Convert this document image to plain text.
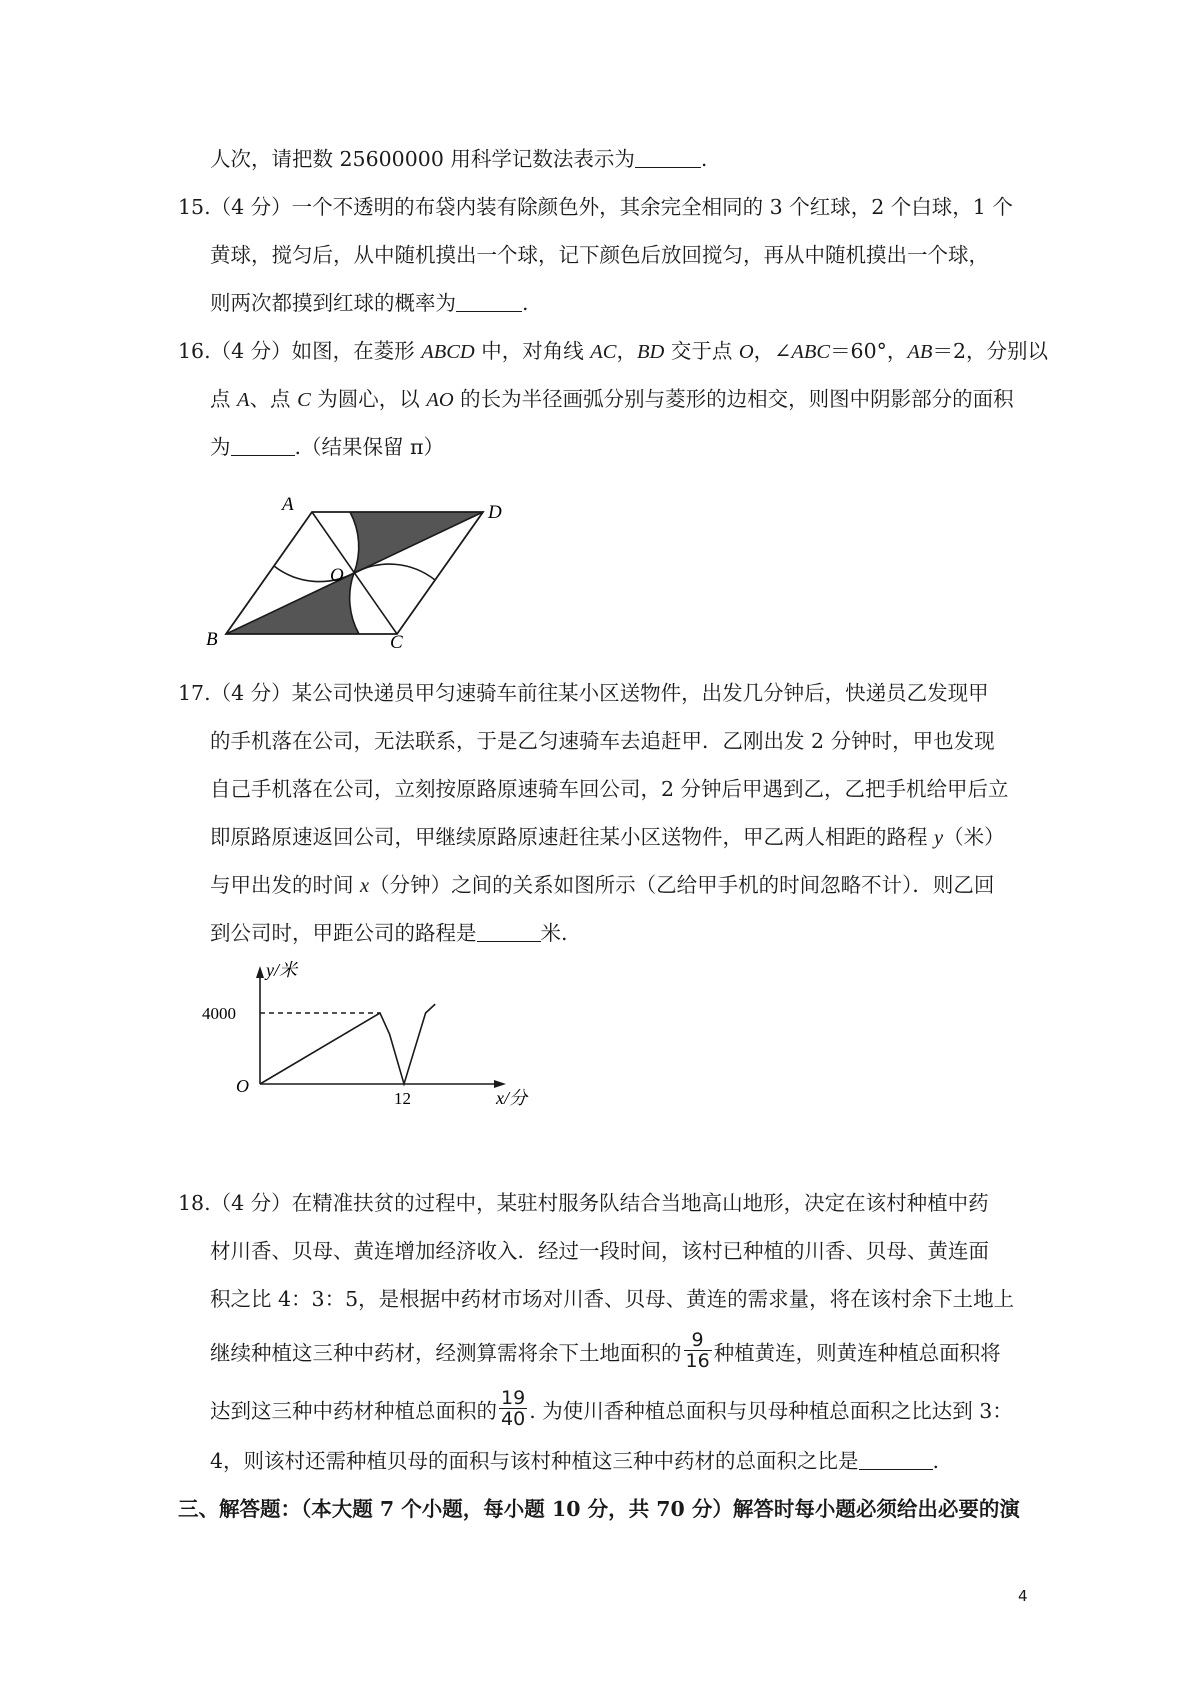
人次，请把数 25600000 用科学记数法表示为	.
15.（4 分）一个不透明的布袋内装有除颜色外，其余完全相同的 3 个红球，2 个白球，1 个
黄球，搅匀后，从中随机摸出一个球，记下颜色后放回搅匀，再从中随机摸出一个球，
则两次都摸到红球的概率为	.
16.（4 分）如图，在菱形 ABCD 中，对角线 AC，BD 交于点 O，∠ABC＝60°，AB＝2，分别以
点 A、点 C 为圆心，以 AO 的长为半径画弧分别与菱形的边相交，则图中阴影部分的面积
为	.（结果保留 π）
A	D
O
B	C
17.（4 分）某公司快递员甲匀速骑车前往某小区送物件，出发几分钟后，快递员乙发现甲
的手机落在公司，无法联系，于是乙匀速骑车去追赶甲．乙刚出发 2 分钟时，甲也发现
自己手机落在公司，立刻按原路原速骑车回公司，2 分钟后甲遇到乙，乙把手机给甲后立
即原路原速返回公司，甲继续原路原速赶往某小区送物件，甲乙两人相距的路程 y（米）
与甲出发的时间 x（分钟）之间的关系如图所示（乙给甲手机的时间忽略不计）．则乙回
到公司时，甲距公司的路程是	米.
4000
12
O
y/米
x/分
18.（4 分）在精准扶贫的过程中，某驻村服务队结合当地高山地形，决定在该村种植中药
材川香、贝母、黄连增加经济收入．经过一段时间，该村已种植的川香、贝母、黄连面
积之比 4：3：5，是根据中药材市场对川香、贝母、黄连的需求量，将在该村余下土地上
继续种植这三种中药材，经测算需将余下土地面积的 $\frac{9}{16}$ 种植黄连，则黄连种植总面积将
达到这三种中药材种植总面积的 $\frac{19}{40}$ . 为使川香种植总面积与贝母种植总面积之比达到 3：
4，则该村还需种植贝母的面积与该村种植这三种中药材的总面积之比是	.
三、解答题：（本大题 7 个小题，每小题 10 分，共 70 分）解答时每小题必须给出必要的演
4
